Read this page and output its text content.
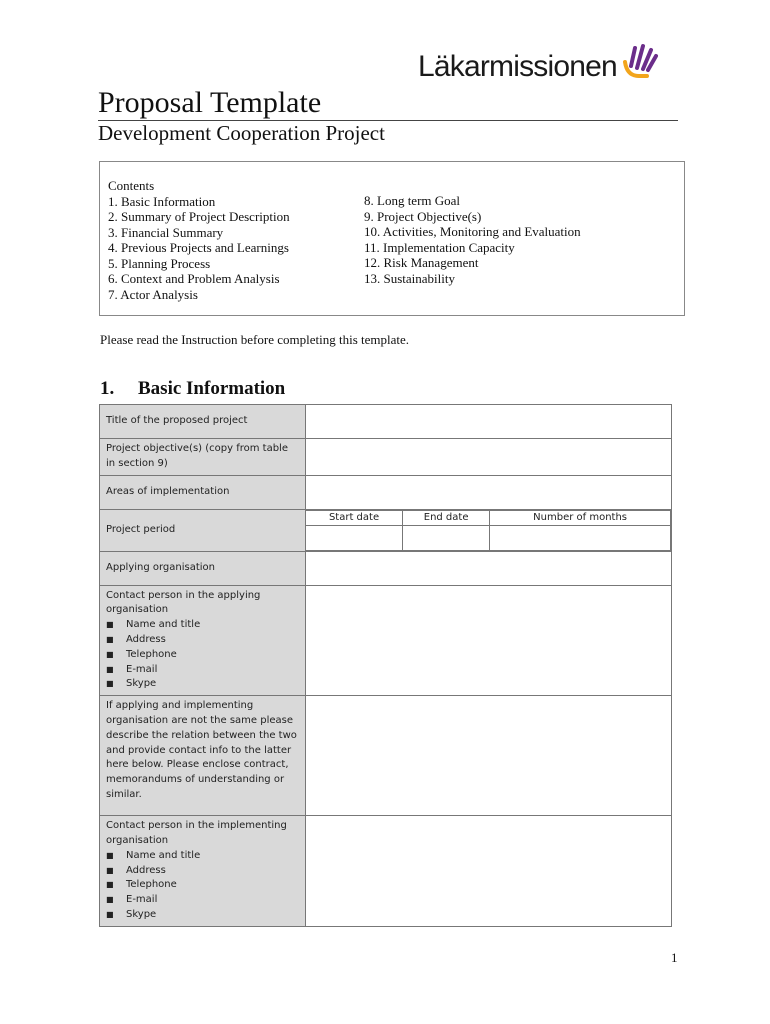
Läkarmissionen
Proposal Template
Development Cooperation Project
Contents
1. Basic Information
2. Summary of Project Description
3. Financial Summary
4. Previous Projects and Learnings
5. Planning Process
6. Context and Problem Analysis
7. Actor Analysis
8. Long term Goal
9. Project Objective(s)
10. Activities, Monitoring and Evaluation
11. Implementation Capacity
12. Risk Management
13. Sustainability
Please read the Instruction before completing this template.
1.	Basic Information
Title of the proposed project	
Project objective(s) (copy from table in section 9)	
Areas of implementation	
Project period	
Start date	End date	Number of months

Applying organisation	

Contact person in the applying organisation
■	Name and title
■	Address
■	Telephone
■	E-mail
■	Skype

If applying and implementing organisation are not the same please describe the relation between the two and provide contact info to the latter here below. Please enclose contract, memorandums of understanding or similar.	

Contact person in the implementing organisation
■	Name and title
■	Address
■	Telephone
■	E-mail
■	Skype

1
